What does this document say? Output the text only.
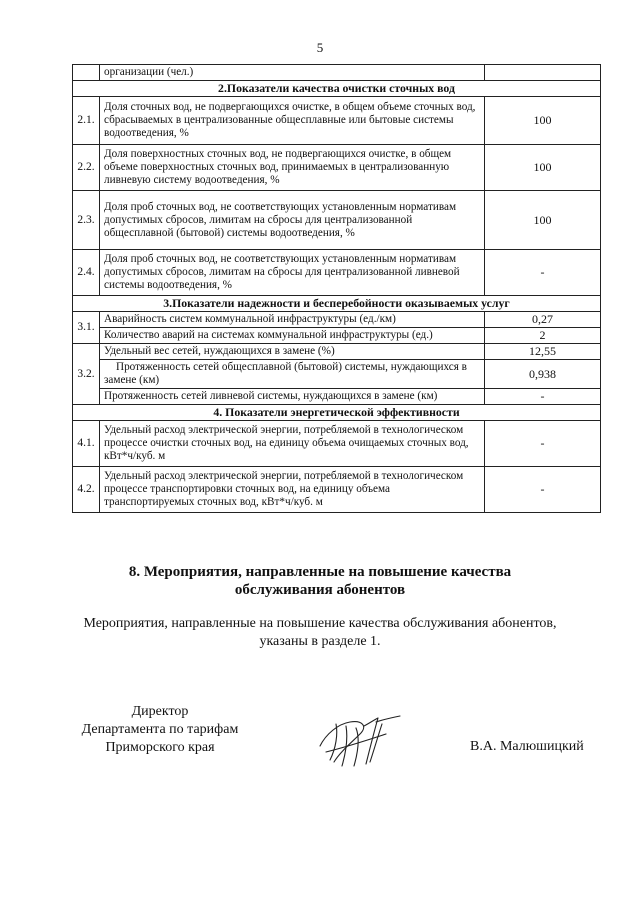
5
	организации (чел.)	
2.Показатели качества очистки сточных вод		
2.1.	Доля сточных вод, не подвергающихся очистке, в общем объеме сточных вод, сбрасываемых в централизованные общесплавные или бытовые системы водоотведения, %	100
2.2.	Доля поверхностных сточных вод, не подвергающихся очистке, в общем объеме поверхностных сточных вод, принимаемых в централизованную ливневую систему водоотведения, %	100
2.3.	Доля проб сточных вод, не соответствующих установленным нормативам допустимых сбросов, лимитам на сбросы для централизованной общесплавной (бытовой) системы водоотведения, %	100
2.4.	Доля проб сточных вод, не соответствующих установленным нормативам допустимых сбросов, лимитам на сбросы для централизованной ливневой системы водоотведения, %	-
3.Показатели надежности и бесперебойности оказываемых услуг		
3.1.	Аварийность систем коммунальной инфраструктуры (ед./км)	0,27
	Количество аварий на системах коммунальной инфраструктуры (ед.)	2
3.2.	Удельный вес сетей, нуждающихся в замене (%)	12,55
	Протяженность сетей общесплавной (бытовой) системы, нуждающихся в замене (км)	0,938
	Протяженность сетей ливневой системы, нуждающихся в замене (км)	-
4. Показатели энергетической эффективности		
4.1.	Удельный расход электрической энергии, потребляемой в технологическом процессе очистки сточных вод, на единицу объема очищаемых сточных вод, кВт*ч/куб. м	-
4.2.	Удельный расход электрической энергии, потребляемой в технологическом процессе транспортировки сточных вод, на единицу объема транспортируемых сточных вод, кВт*ч/куб. м	-
8. Мероприятия, направленные на повышение качества
обслуживания абонентов
Мероприятия, направленные на повышение качества обслуживания абонентов,
указаны в разделе 1.
Директор
Департамента по тарифам
Приморского края	В.А. Малюшицкий
